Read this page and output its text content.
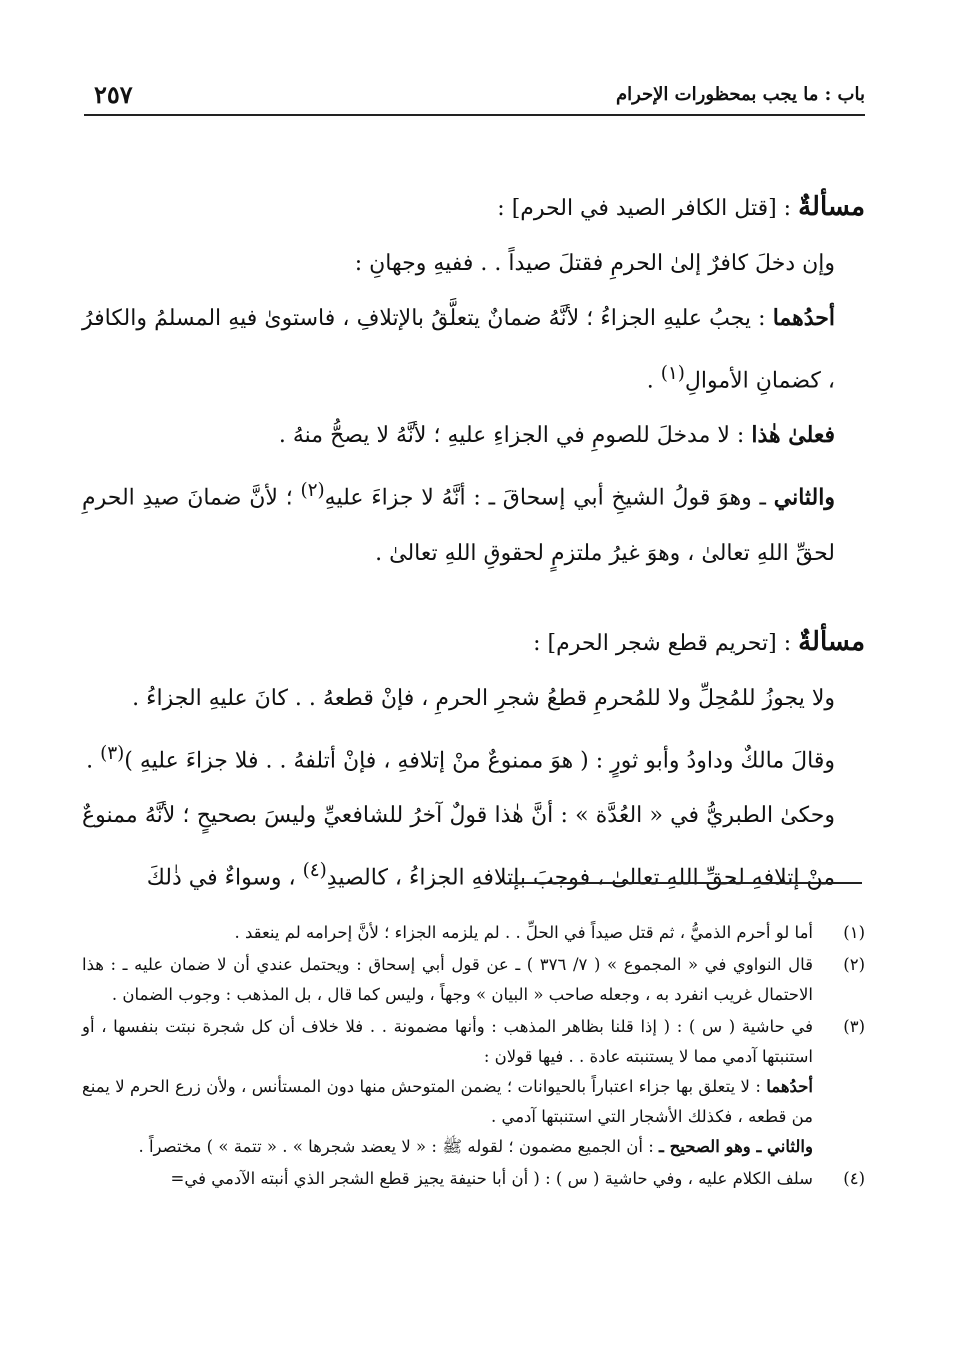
باب : ما يجب بمحظورات الإحرام
٢٥٧

مسألةٌ : [قتل الكافر الصيد في الحرم] :

وإن دخلَ كافرٌ إلىٰ الحرمِ فقتلَ صيداً . . ففيهِ وجهانِ :

أحدُهما : يجبُ عليهِ الجزاءُ ؛ لأنَّهُ ضمانٌ يتعلَّقُ بالإتلافِ ، فاستوىٰ فيهِ المسلمُ والكافرُ ، كضمانِ الأموالِ$^{(١)}$ .

فعلىٰ هٰذا : لا مدخلَ للصومِ في الجزاءِ عليهِ ؛ لأنَّهُ لا يصحُّ منهُ .

والثاني ـ وهوَ قولُ الشيخِ أبي إسحاقَ ـ : أنَّهُ لا جزاءَ عليهِ$^{(٢)}$ ؛ لأنَّ ضمانَ صيدِ الحرمِ لحقِّ اللهِ تعالىٰ ، وهوَ غيرُ ملتزمٍ لحقوقِ اللهِ تعالىٰ .

مسألةٌ : [تحريم قطع شجر الحرم] :

ولا يجوزُ للمُحِلِّ ولا للمُحرمِ قطعُ شجرِ الحرمِ ، فإنْ قطعهُ . . كانَ عليهِ الجزاءُ .

وقالَ مالكٌ وداودُ وأبو ثورٍ : ( هوَ ممنوعٌ منْ إتلافهِ ، فإنْ أتلفهُ . . فلا جزاءَ عليهِ )$^{(٣)}$ .

وحكىٰ الطبريُّ في « العُدَّة » : أنَّ هٰذا قولٌ آخرُ للشافعيِّ وليسَ بصحيحٍ ؛ لأنَّهُ ممنوعٌ منْ إتلافهِ لحقِّ اللهِ تعالىٰ ، فوجبَ بإتلافهِ الجزاءُ ، كالصيدِ$^{(٤)}$ ، وسواءٌ في ذٰلكَ

(١)
أما لو أحرم الذميُّ ، ثم قتل صيداً في الحلِّ . . لم يلزمه الجزاء ؛ لأنَّ إحرامه لم ينعقد .
(٢)
قال النواوي في « المجموع » ( ٧/ ٣٧٦ ) ـ عن قول أبي إسحاق : ويحتمل عندي أن لا ضمان عليه ـ : هذا الاحتمال غريب انفرد به ، وجعله صاحب « البيان » وجهاً ، وليس كما قال ، بل المذهب : وجوب الضمان .
(٣)

في حاشية ( س ) : ( إذا قلنا بظاهر المذهب : وأنها مضمونة . . فلا خلاف أن كل شجرة نبتت بنفسها ، أو استنبتها آدمي مما لا يستنبته عادة . . فيها قولان :

أحدُهما : لا يتعلق بها جزاء اعتباراً بالحيوانات ؛ يضمن المتوحش منها دون المستأنس ، ولأن زرع الحرم لا يمنع من قطعه ، فكذلك الأشجار التي استنبتها آدمي .

والثاني ـ وهو الصحيح ـ : أن الجميع مضمون ؛ لقوله ﷺ : « لا يعضد شجرها » . « تتمة » ) مختصراً .

(٤)
سلف الكلام عليه ، وفي حاشية ( س ) : ( أن أبا حنيفة يجيز قطع الشجر الذي أنبته الآدمي في=
